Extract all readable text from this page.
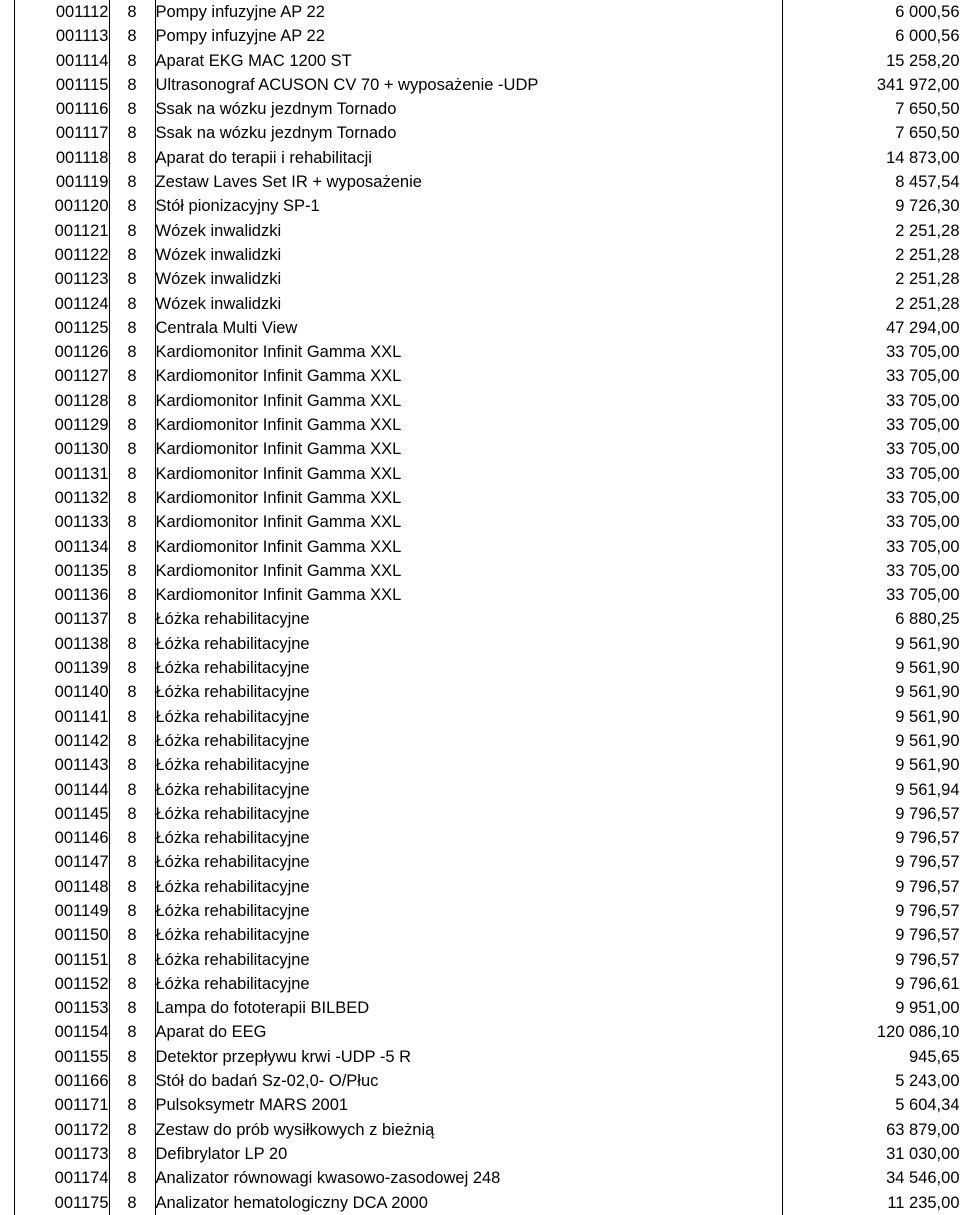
	001112	8	Pompy infuzyjne AP 22	6 000,56
	001113	8	Pompy infuzyjne AP 22	6 000,56
	001114	8	Aparat EKG MAC 1200 ST	15 258,20
	001115	8	Ultrasonograf ACUSON CV 70 + wyposażenie -UDP	341 972,00
	001116	8	Ssak na wózku jezdnym Tornado	7 650,50
	001117	8	Ssak na wózku jezdnym Tornado	7 650,50
	001118	8	Aparat do terapii i rehabilitacji	14 873,00
	001119	8	Zestaw Laves Set IR + wyposażenie	8 457,54
	001120	8	Stół pionizacyjny SP-1	9 726,30
	001121	8	Wózek inwalidzki	2 251,28
	001122	8	Wózek inwalidzki	2 251,28
	001123	8	Wózek inwalidzki	2 251,28
	001124	8	Wózek inwalidzki	2 251,28
	001125	8	Centrala Multi View	47 294,00
	001126	8	Kardiomonitor Infinit Gamma XXL	33 705,00
	001127	8	Kardiomonitor Infinit Gamma XXL	33 705,00
	001128	8	Kardiomonitor Infinit Gamma XXL	33 705,00
	001129	8	Kardiomonitor Infinit Gamma XXL	33 705,00
	001130	8	Kardiomonitor Infinit Gamma XXL	33 705,00
	001131	8	Kardiomonitor Infinit Gamma XXL	33 705,00
	001132	8	Kardiomonitor Infinit Gamma XXL	33 705,00
	001133	8	Kardiomonitor Infinit Gamma XXL	33 705,00
	001134	8	Kardiomonitor Infinit Gamma XXL	33 705,00
	001135	8	Kardiomonitor Infinit Gamma XXL	33 705,00
	001136	8	Kardiomonitor Infinit Gamma XXL	33 705,00
	001137	8	Łóżka rehabilitacyjne	6 880,25
	001138	8	Łóżka rehabilitacyjne	9 561,90
	001139	8	Łóżka rehabilitacyjne	9 561,90
	001140	8	Łóżka rehabilitacyjne	9 561,90
	001141	8	Łóżka rehabilitacyjne	9 561,90
	001142	8	Łóżka rehabilitacyjne	9 561,90
	001143	8	Łóżka rehabilitacyjne	9 561,90
	001144	8	Łóżka rehabilitacyjne	9 561,94
	001145	8	Łóżka rehabilitacyjne	9 796,57
	001146	8	Łóżka rehabilitacyjne	9 796,57
	001147	8	Łóżka rehabilitacyjne	9 796,57
	001148	8	Łóżka rehabilitacyjne	9 796,57
	001149	8	Łóżka rehabilitacyjne	9 796,57
	001150	8	Łóżka rehabilitacyjne	9 796,57
	001151	8	Łóżka rehabilitacyjne	9 796,57
	001152	8	Łóżka rehabilitacyjne	9 796,61
	001153	8	Lampa do fototerapii BILBED	9 951,00
	001154	8	Aparat do EEG	120 086,10
	001155	8	Detektor przepływu krwi -UDP -5 R	945,65
	001166	8	Stół do badań Sz-02,0- O/Płuc	5 243,00
	001171	8	Pulsoksymetr MARS 2001	5 604,34
	001172	8	Zestaw do prób wysiłkowych z bieżnią	63 879,00
	001173	8	Defibrylator LP 20	31 030,00
	001174	8	Analizator równowagi kwasowo-zasodowej 248	34 546,00
	001175	8	Analizator hematologiczny DCA 2000	11 235,00
